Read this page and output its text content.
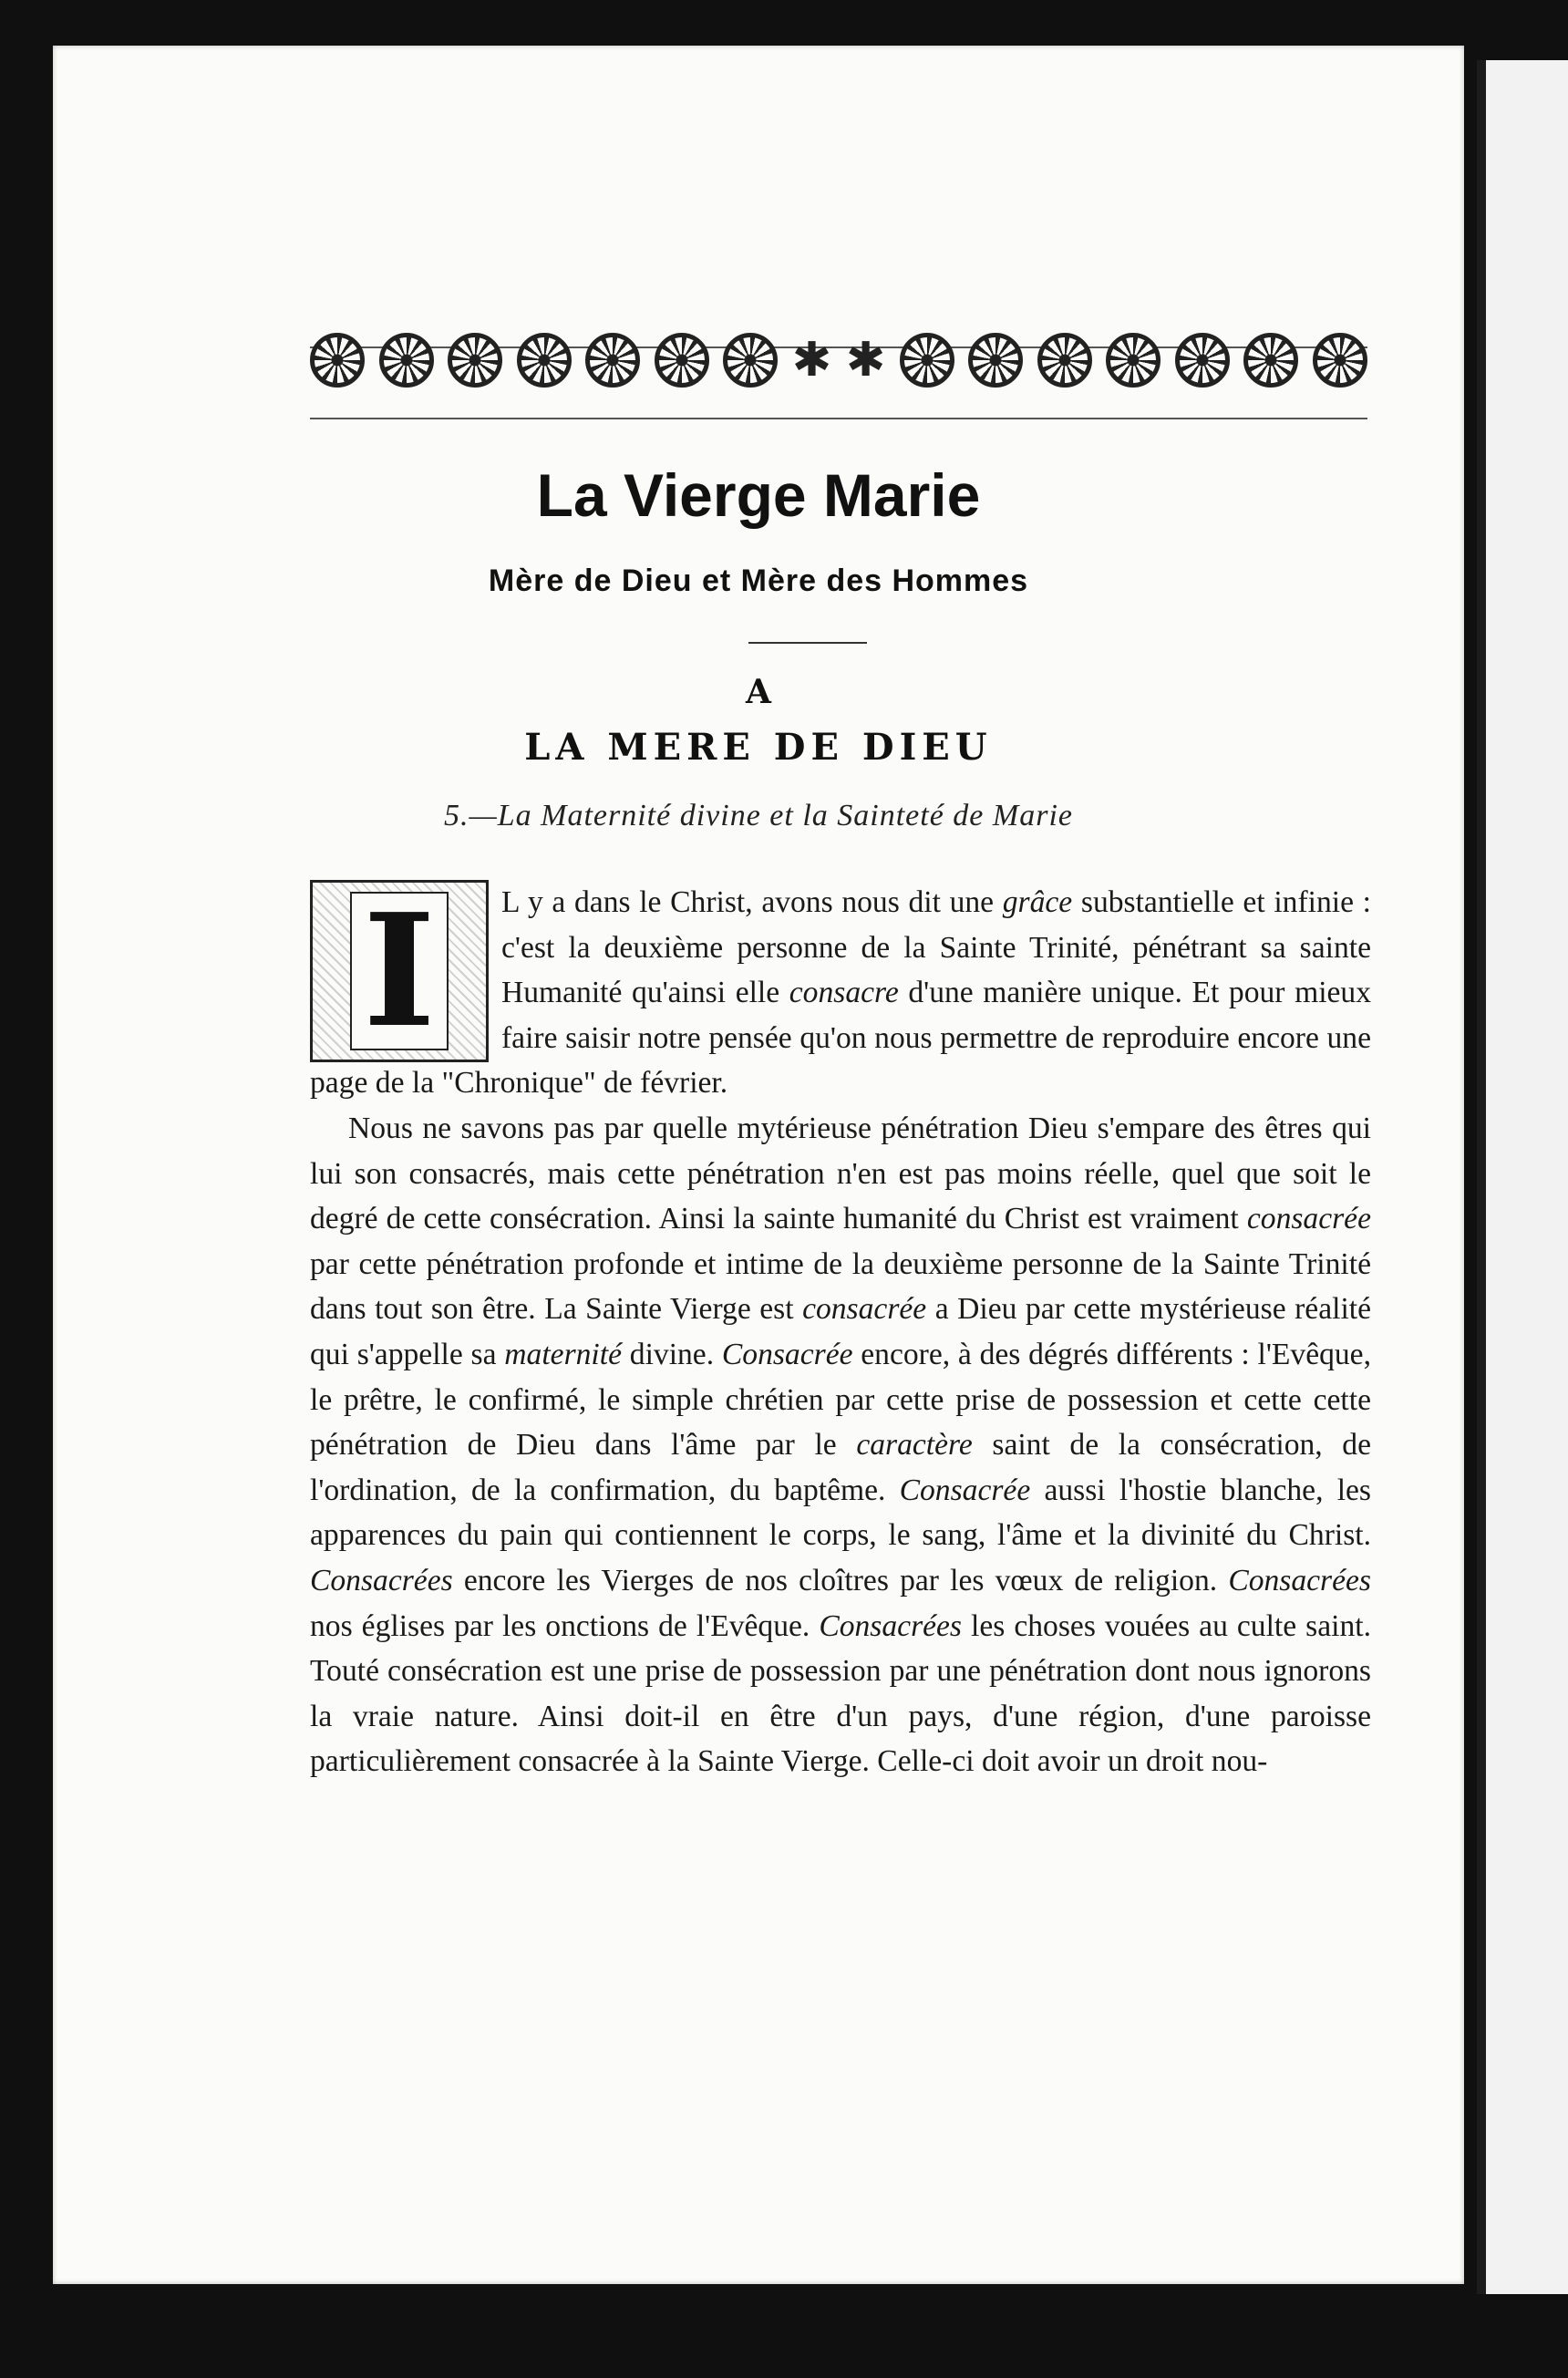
✱ ✱
La Vierge Marie
Mère de Dieu et Mère des Hommes
A
LA MERE DE DIEU
5.—La Maternité divine et la Sainteté de Marie
I	L y a dans le Christ, avons nous dit une grâce substantielle et infinie : c'est la deuxième personne de la Sainte Trinité, pénétrant sa sainte Humanité qu'ainsi elle consacre d'une manière unique. Et pour mieux faire saisir notre pensée qu'on nous permettre de reproduire encore une page de la "Chronique" de février.

Nous ne savons pas par quelle mytérieuse pénétration Dieu s'empare des êtres qui lui son consacrés, mais cette pénétration n'en est pas moins réelle, quel que soit le degré de cette consécration. Ainsi la sainte humanité du Christ est vraiment consacrée par cette pénétration profonde et intime de la deuxième personne de la Sainte Trinité dans tout son être. La Sainte Vierge est consacrée a Dieu par cette mystérieuse réalité qui s'appelle sa maternité divine. Consacrée encore, à des dégrés différents : l'Evêque, le prêtre, le confirmé, le simple chrétien par cette prise de possession et cette cette pénétration de Dieu dans l'âme par le caractère saint de la consécration, de l'ordination, de la confirmation, du baptême. Consacrée aussi l'hostie blanche, les apparences du pain qui contiennent le corps, le sang, l'âme et la divinité du Christ. Consacrées encore les Vierges de nos cloîtres par les vœux de religion. Consacrées nos églises par les onctions de l'Evêque. Consacrées les choses vouées au culte saint. Touté consécration est une prise de possession par une pénétration dont nous ignorons la vraie nature. Ainsi doit-il en être d'un pays, d'une région, d'une paroisse particulièrement consacrée à la Sainte Vierge. Celle-ci doit avoir un droit nou-
